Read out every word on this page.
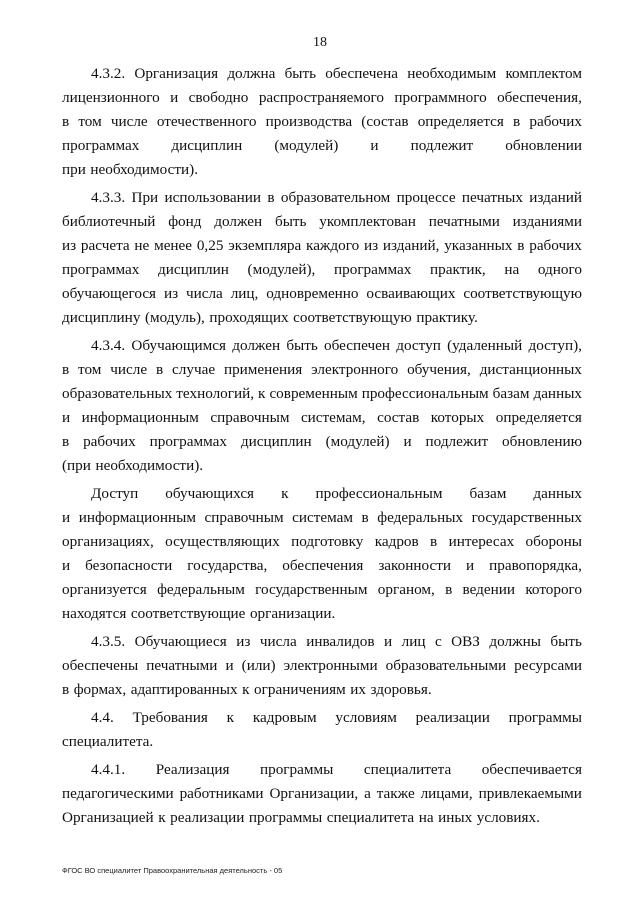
18
4.3.2. Организация должна быть обеспечена необходимым комплектом
лицензионного и свободно распространяемого программного обеспечения,
в том числе отечественного производства (состав определяется в рабочих
программах дисциплин (модулей) и подлежит обновлении
при необходимости).
4.3.3. При использовании в образовательном процессе печатных изданий
библиотечный фонд должен быть укомплектован печатными изданиями
из расчета не менее 0,25 экземпляра каждого из изданий, указанных в рабочих
программах дисциплин (модулей), программах практик, на одного
обучающегося из числа лиц, одновременно осваивающих соответствующую
дисциплину (модуль), проходящих соответствующую практику.
4.3.4. Обучающимся должен быть обеспечен доступ (удаленный доступ),
в том числе в случае применения электронного обучения, дистанционных
образовательных технологий, к современным профессиональным базам данных
и информационным справочным системам, состав которых определяется
в рабочих программах дисциплин (модулей) и подлежит обновлению
(при необходимости).
Доступ обучающихся к профессиональным базам данных
и информационным справочным системам в федеральных государственных
организациях, осуществляющих подготовку кадров в интересах обороны
и безопасности государства, обеспечения законности и правопорядка,
организуется федеральным государственным органом, в ведении которого
находятся соответствующие организации.
4.3.5. Обучающиеся из числа инвалидов и лиц с ОВЗ должны быть
обеспечены печатными и (или) электронными образовательными ресурсами
в формах, адаптированных к ограничениям их здоровья.
4.4. Требования к кадровым условиям реализации программы
специалитета.
4.4.1. Реализация программы специалитета обеспечивается
педагогическими работниками Организации, а также лицами, привлекаемыми
Организацией к реализации программы специалитета на иных условиях.
ФГОС ВО специалитет Правоохранительная деятельность - 05
